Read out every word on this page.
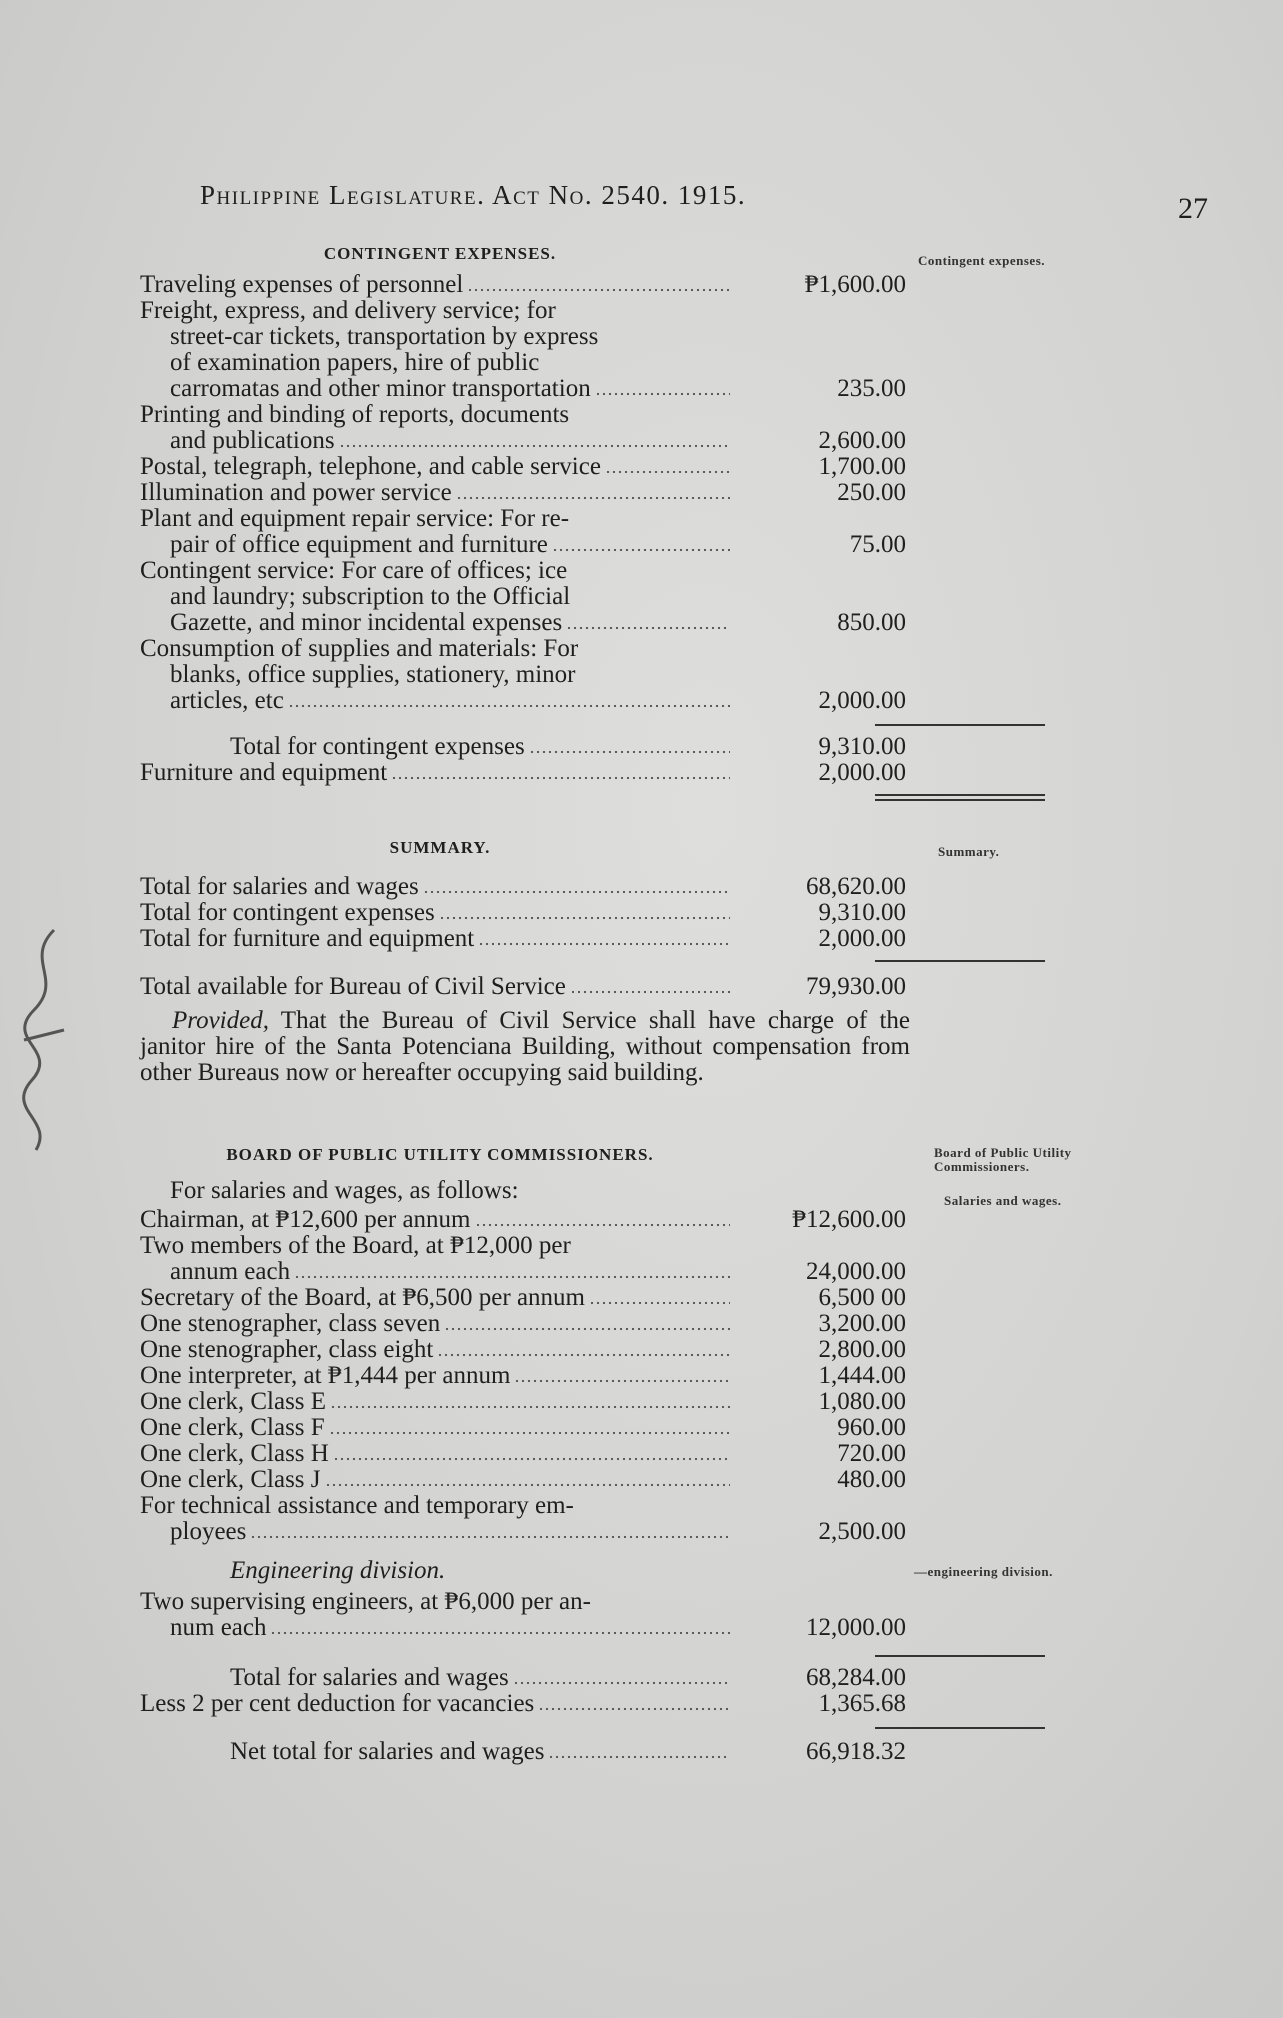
Philippine Legislature. Act No. 2540. 1915.	27
Contingent expenses.
Summary.
Board of Public Utility Commissioners.
Salaries and wages.
—engineering division.
CONTINGENT EXPENSES.
Traveling expenses of personnel	₱1,600.00
Freight, express, and delivery service; for
street-car tickets, transportation by express
of examination papers, hire of public
carromatas and other minor transportation	235.00
Printing and binding of reports, documents
and publications	2,600.00
Postal, telegraph, telephone, and cable service	1,700.00
Illumination and power service	250.00
Plant and equipment repair service: For re-
pair of office equipment and furniture	75.00
Contingent service: For care of offices; ice
and laundry; subscription to the Official
Gazette, and minor incidental expenses	850.00
Consumption of supplies and materials: For
blanks, office supplies, stationery, minor
articles, etc	2,000.00
Total for contingent expenses	9,310.00
Furniture and equipment	2,000.00
SUMMARY.
Total for salaries and wages	68,620.00
Total for contingent expenses	9,310.00
Total for furniture and equipment	2,000.00
Total available for Bureau of Civil Service	79,930.00
Provided, That the Bureau of Civil Service shall have charge of the janitor hire of the Santa Potenciana Building, without compensation from other Bureaus now or hereafter occupying said building.
BOARD OF PUBLIC UTILITY COMMISSIONERS.
For salaries and wages, as follows:
Chairman, at ₱12,600 per annum	₱12,600.00
Two members of the Board, at ₱12,000 per
annum each	24,000.00
Secretary of the Board, at ₱6,500 per annum	6,500 00
One stenographer, class seven	3,200.00
One stenographer, class eight	2,800.00
One interpreter, at ₱1,444 per annum	1,444.00
One clerk, Class E	1,080.00
One clerk, Class F	960.00
One clerk, Class H	720.00
One clerk, Class J	480.00
For technical assistance and temporary em-
ployees	2,500.00
Engineering division.
Two supervising engineers, at ₱6,000 per an-
num each	12,000.00
Total for salaries and wages	68,284.00
Less 2 per cent deduction for vacancies	1,365.68
Net total for salaries and wages	66,918.32
